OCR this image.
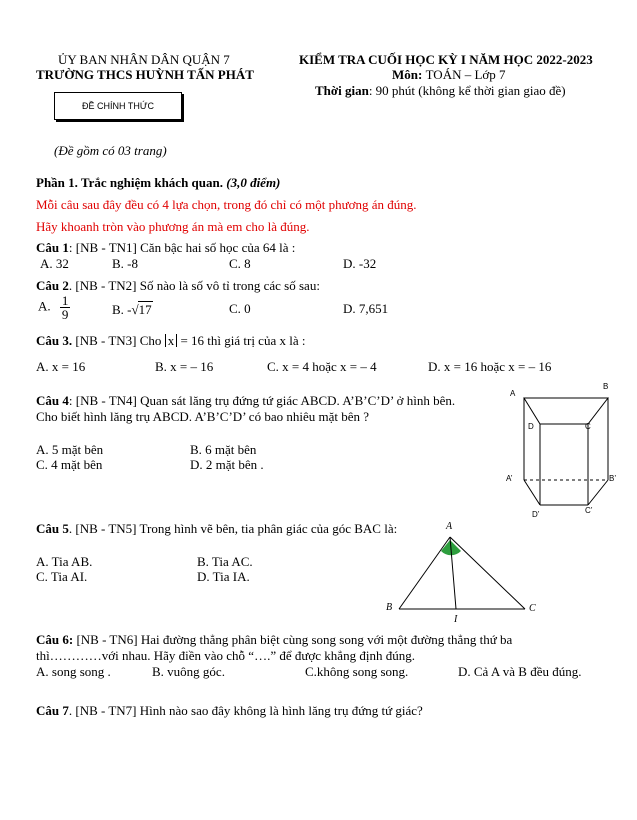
ỦY BAN NHÂN DÂN QUẬN 7
TRƯỜNG THCS HUỲNH TẤN PHÁT
ĐỀ CHÍNH THỨC
KIỂM TRA CUỐI HỌC KỲ I NĂM HỌC 2022-2023
Môn: TOÁN – Lớp 7
Thời gian: 90 phút (không kể thời gian giao đề)
(Đề gồm có 03 trang)
Phần 1. Trắc nghiệm khách quan. (3,0 điểm)
Mỗi câu sau đây đều có 4 lựa chọn, trong đó chỉ có một phương án đúng.
Hãy khoanh tròn vào phương án mà em cho là đúng.
Câu 1: [NB - TN1] Căn bậc hai số học của 64 là :
A. 32	B. -8	C. 8	D. -32
Câu 2. [NB - TN2] Số nào là số vô tỉ trong các số sau:
A. $\frac{1}{9}$	B. -√17	C. 0	D. 7,651
Câu 3. [NB - TN3] Cho x = 16 thì giá trị của x là :
A. x = 16	B. x = – 16	C. x = 4 hoặc x = – 4	D. x = 16 hoặc x = – 16
Câu 4: [NB - TN4] Quan sát lăng trụ đứng tứ giác ABCD. A’B’C’D’ ở hình bên.
Cho biết hình lăng trụ ABCD. A’B’C’D’ có bao nhiêu mặt bên ?
A. 5 mặt bên	B. 6 mặt bên
C. 4 mặt bên	D. 2 mặt bên .
A
B
D	C
A’	B’
D’	C’
Câu 5. [NB - TN5] Trong hình vẽ bên, tia phân giác của góc BAC là:
A. Tia AB.	B. Tia AC.
C. Tia AI.	D. Tia IA.
A
B	C
I
Câu 6: [NB - TN6] Hai đường thẳng phân biệt cùng song song với một đường thẳng thứ ba
thì…………với nhau. Hãy điền vào chỗ “….” để được khẳng định đúng.
A. song song .	B. vuông góc.	C.không song song.	D. Cả A và B đều đúng.
Câu 7. [NB - TN7] Hình nào sao đây không là hình lăng trụ đứng tứ giác?
